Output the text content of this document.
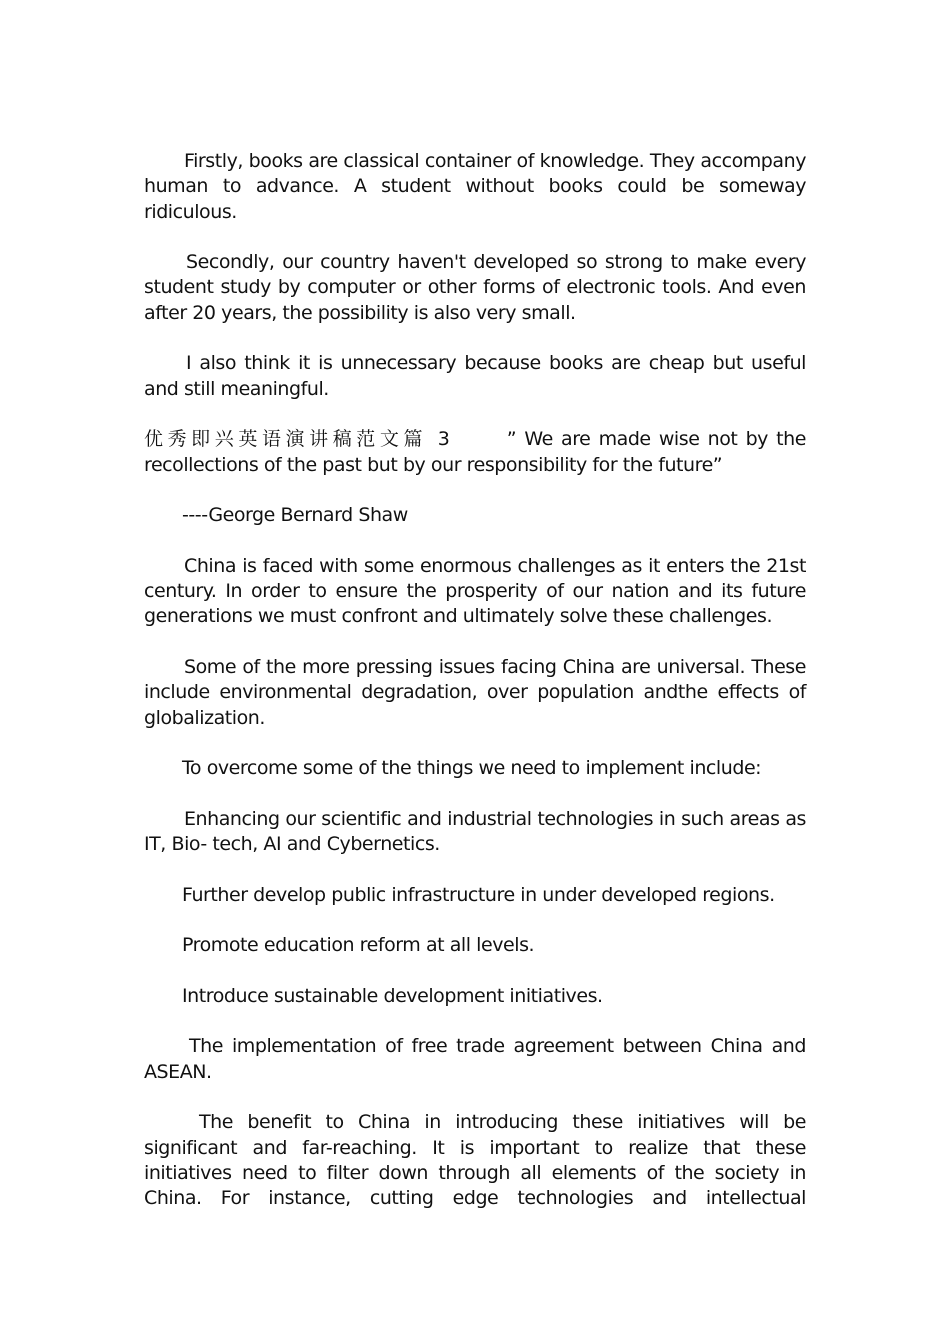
Firstly, books are classical container of knowledge. They accompany human to advance. A student without books could be someway ridiculous.

Secondly, our country haven't developed so strong to make every student study by computer or other forms of electronic tools. And even after 20 years, the possibility is also very small.

I also think it is unnecessary because books are cheap but useful and still meaningful.

优秀即兴英语演讲稿范文篇 3	” We are made wise not by the recollections of the past but by our responsibility for the future”

----George Bernard Shaw

China is faced with some enormous challenges as it enters the 21st century. In order to ensure the prosperity of our nation and its future generations we must confront and ultimately solve these challenges.

Some of the more pressing issues facing China are universal. These include environmental degradation, over population andthe effects of globalization.

To overcome some of the things we need to implement include:

Enhancing our scientific and industrial technologies in such areas as IT, Bio- tech, AI and Cybernetics.

Further develop public infrastructure in under developed regions.

Promote education reform at all levels.

Introduce sustainable development initiatives.

The implementation of free trade agreement between China and ASEAN.

The benefit to China in introducing these initiatives will be significant and far-reaching. It is important to realize that these initiatives need to filter down through all elements of the society in China. For instance, cutting edge technologies and intellectual
